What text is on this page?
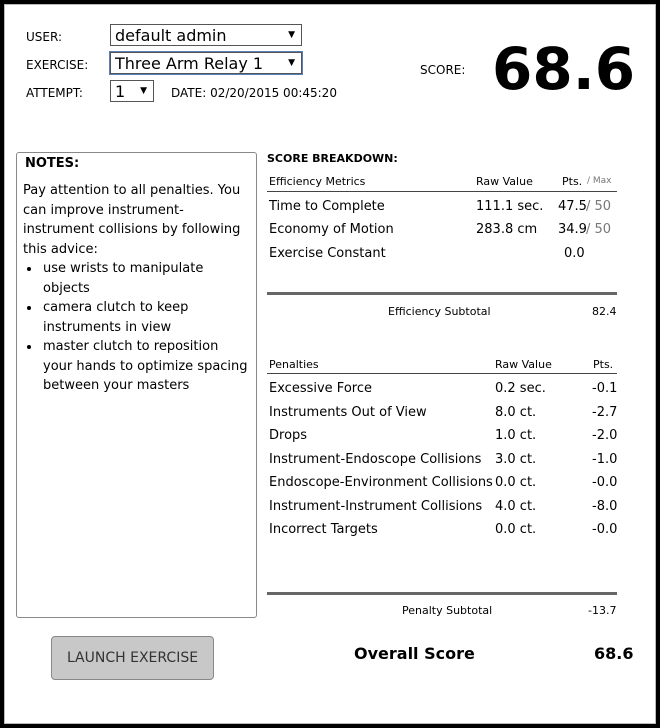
USER:	default admin	▼
EXERCISE: Three Arm Relay 1	▼
ATTEMPT: 1 ▼ DATE: 02/20/2015 00:45:20
SCORE: 68.6
NOTES:

Pay attention to all penalties. You can improve instrument-instrument collisions by following this advice:

• use wrists to manipulate objects
• camera clutch to keep instruments in view
• master clutch to reposition your hands to optimize spacing between your masters
SCORE BREAKDOWN:
Efficiency Metrics	Raw Value	Pts. / Max
Time to Complete	111.1 sec. 47.5 / 50
Economy of Motion	283.8 cm 34.9 / 50
Exercise Constant	0.0
Efficiency Subtotal	82.4
Penalties	Raw Value	Pts.
Excessive Force	0.2 sec.	-0.1
Instruments Out of View	8.0 ct.	-2.7
Drops	1.0 ct.	-2.0
Instrument-Endoscope Collisions 3.0 ct.	-1.0
Endoscope-Environment Collisions 0.0 ct.	-0.0
Instrument-Instrument Collisions 4.0 ct.	-8.0
Incorrect Targets	0.0 ct.	-0.0
Penalty Subtotal	-13.7
Overall Score	68.6
LAUNCH EXERCISE
